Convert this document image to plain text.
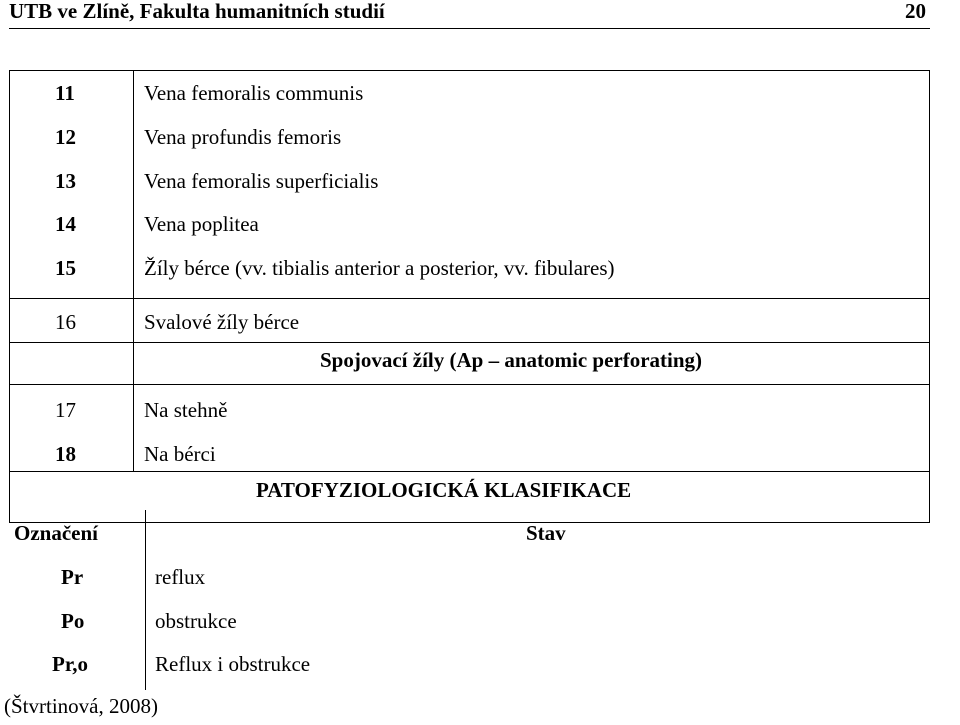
UTB ve Zlíně, Fakulta humanitních studií	20
11	Vena femoralis communis
12	Vena profundis femoris
13	Vena femoralis superficialis
14	Vena poplitea
15	Žíly bérce (vv. tibialis anterior a posterior, vv. fibulares)
16	Svalové žíly bérce
Spojovací žíly (Ap – anatomic perforating)
17	Na stehně
18	Na bérci
PATOFYZIOLOGICKÁ KLASIFIKACE
Označení	Stav
Pr	reflux
Po	obstrukce
Pr,o	Reflux i obstrukce
(Štvrtinová, 2008)
